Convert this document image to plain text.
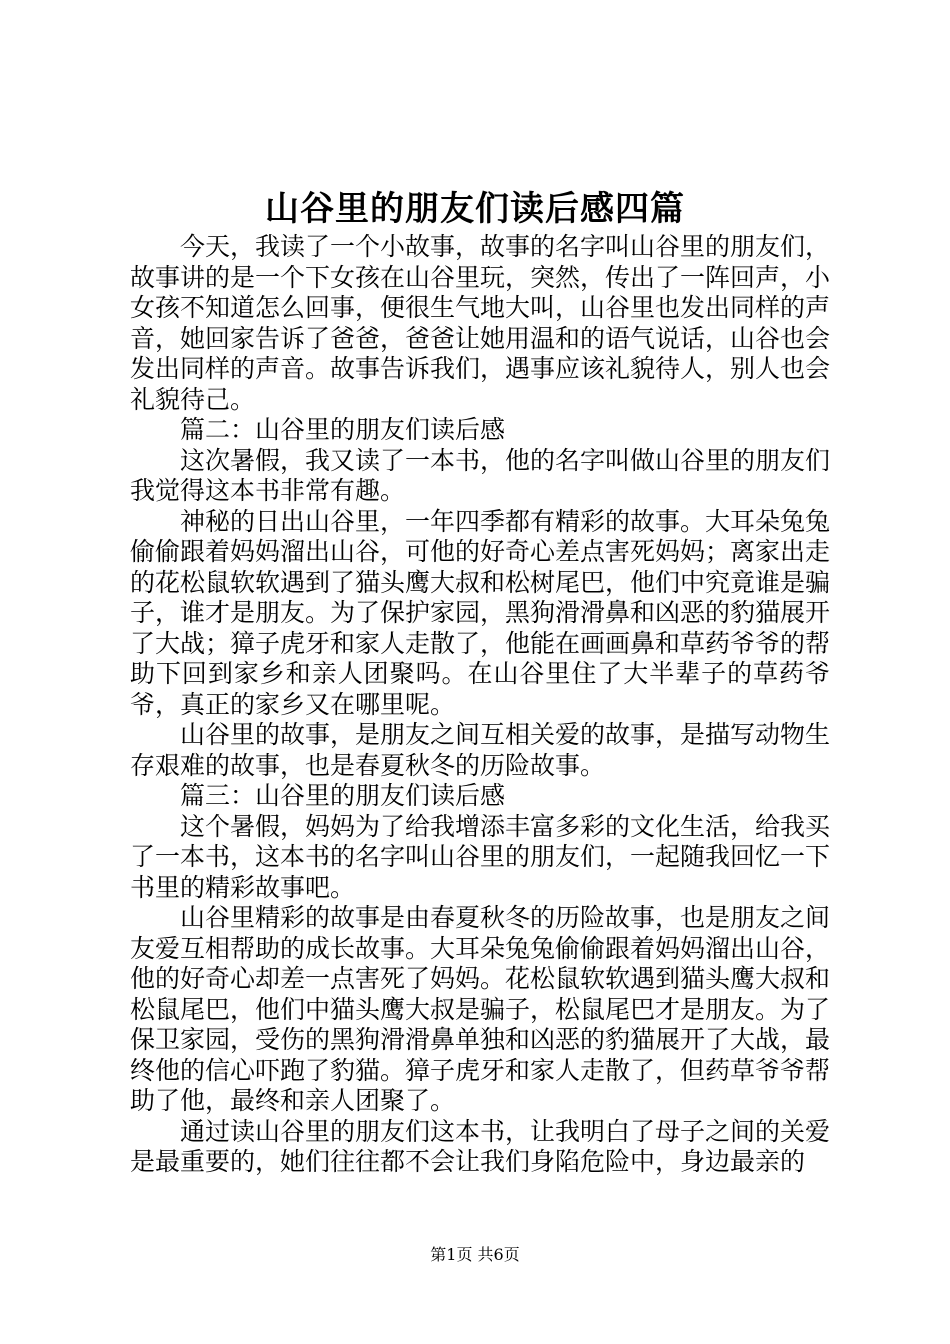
山谷里的朋友们读后感四篇

今天，我读了一个小故事，故事的名字叫山谷里的朋友们，故事讲的是一个下女孩在山谷里玩，突然，传出了一阵回声，小女孩不知道怎么回事，便很生气地大叫，山谷里也发出同样的声音，她回家告诉了爸爸，爸爸让她用温和的语气说话，山谷也会发出同样的声音。故事告诉我们，遇事应该礼貌待人，别人也会礼貌待己。

篇二：山谷里的朋友们读后感

这次暑假，我又读了一本书，他的名字叫做山谷里的朋友们我觉得这本书非常有趣。

神秘的日出山谷里，一年四季都有精彩的故事。大耳朵兔兔偷偷跟着妈妈溜出山谷，可他的好奇心差点害死妈妈；离家出走的花松鼠软软遇到了猫头鹰大叔和松树尾巴，他们中究竟谁是骗子，谁才是朋友。为了保护家园，黑狗滑滑鼻和凶恶的豹猫展开了大战；獐子虎牙和家人走散了，他能在画画鼻和草药爷爷的帮助下回到家乡和亲人团聚吗。在山谷里住了大半辈子的草药爷爷，真正的家乡又在哪里呢。

山谷里的故事，是朋友之间互相关爱的故事，是描写动物生存艰难的故事，也是春夏秋冬的历险故事。

篇三：山谷里的朋友们读后感

这个暑假，妈妈为了给我增添丰富多彩的文化生活，给我买了一本书，这本书的名字叫山谷里的朋友们，一起随我回忆一下书里的精彩故事吧。

山谷里精彩的故事是由春夏秋冬的历险故事，也是朋友之间友爱互相帮助的成长故事。大耳朵兔兔偷偷跟着妈妈溜出山谷，他的好奇心却差一点害死了妈妈。花松鼠软软遇到猫头鹰大叔和松鼠尾巴，他们中猫头鹰大叔是骗子，松鼠尾巴才是朋友。为了保卫家园，受伤的黑狗滑滑鼻单独和凶恶的豹猫展开了大战，最终他的信心吓跑了豹猫。獐子虎牙和家人走散了，但药草爷爷帮助了他，最终和亲人团聚了。

通过读山谷里的朋友们这本书，让我明白了母子之间的关爱是最重要的，她们往往都不会让我们身陷危险中，身边最亲的

第1页 共6页
